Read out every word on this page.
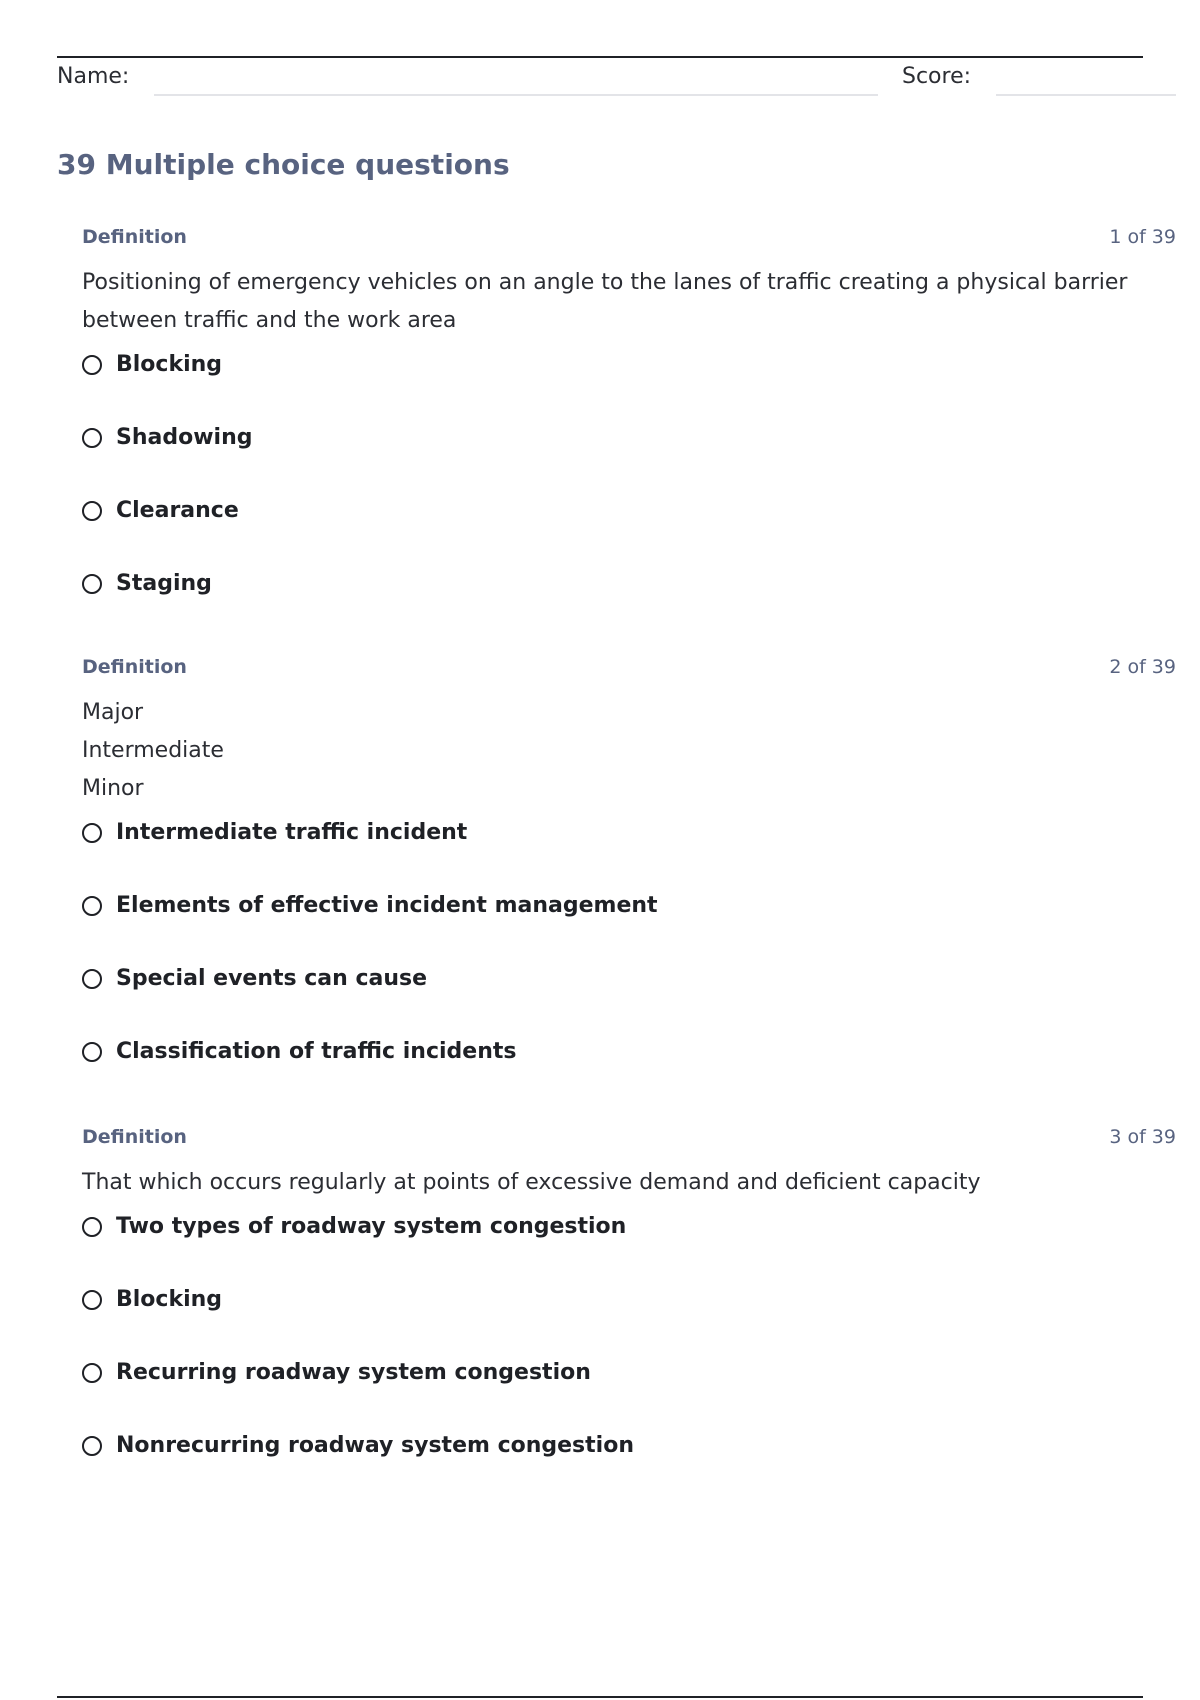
Name:	Score:
39 Multiple choice questions
Definition	1 of 39
Positioning of emergency vehicles on an angle to the lanes of traffic creating a physical barrier between traffic and the work area
Blocking
Shadowing
Clearance
Staging
Definition	2 of 39
Major
Intermediate
Minor
Intermediate traffic incident
Elements of effective incident management
Special events can cause
Classification of traffic incidents
Definition	3 of 39
That which occurs regularly at points of excessive demand and deficient capacity
Two types of roadway system congestion
Blocking
Recurring roadway system congestion
Nonrecurring roadway system congestion
